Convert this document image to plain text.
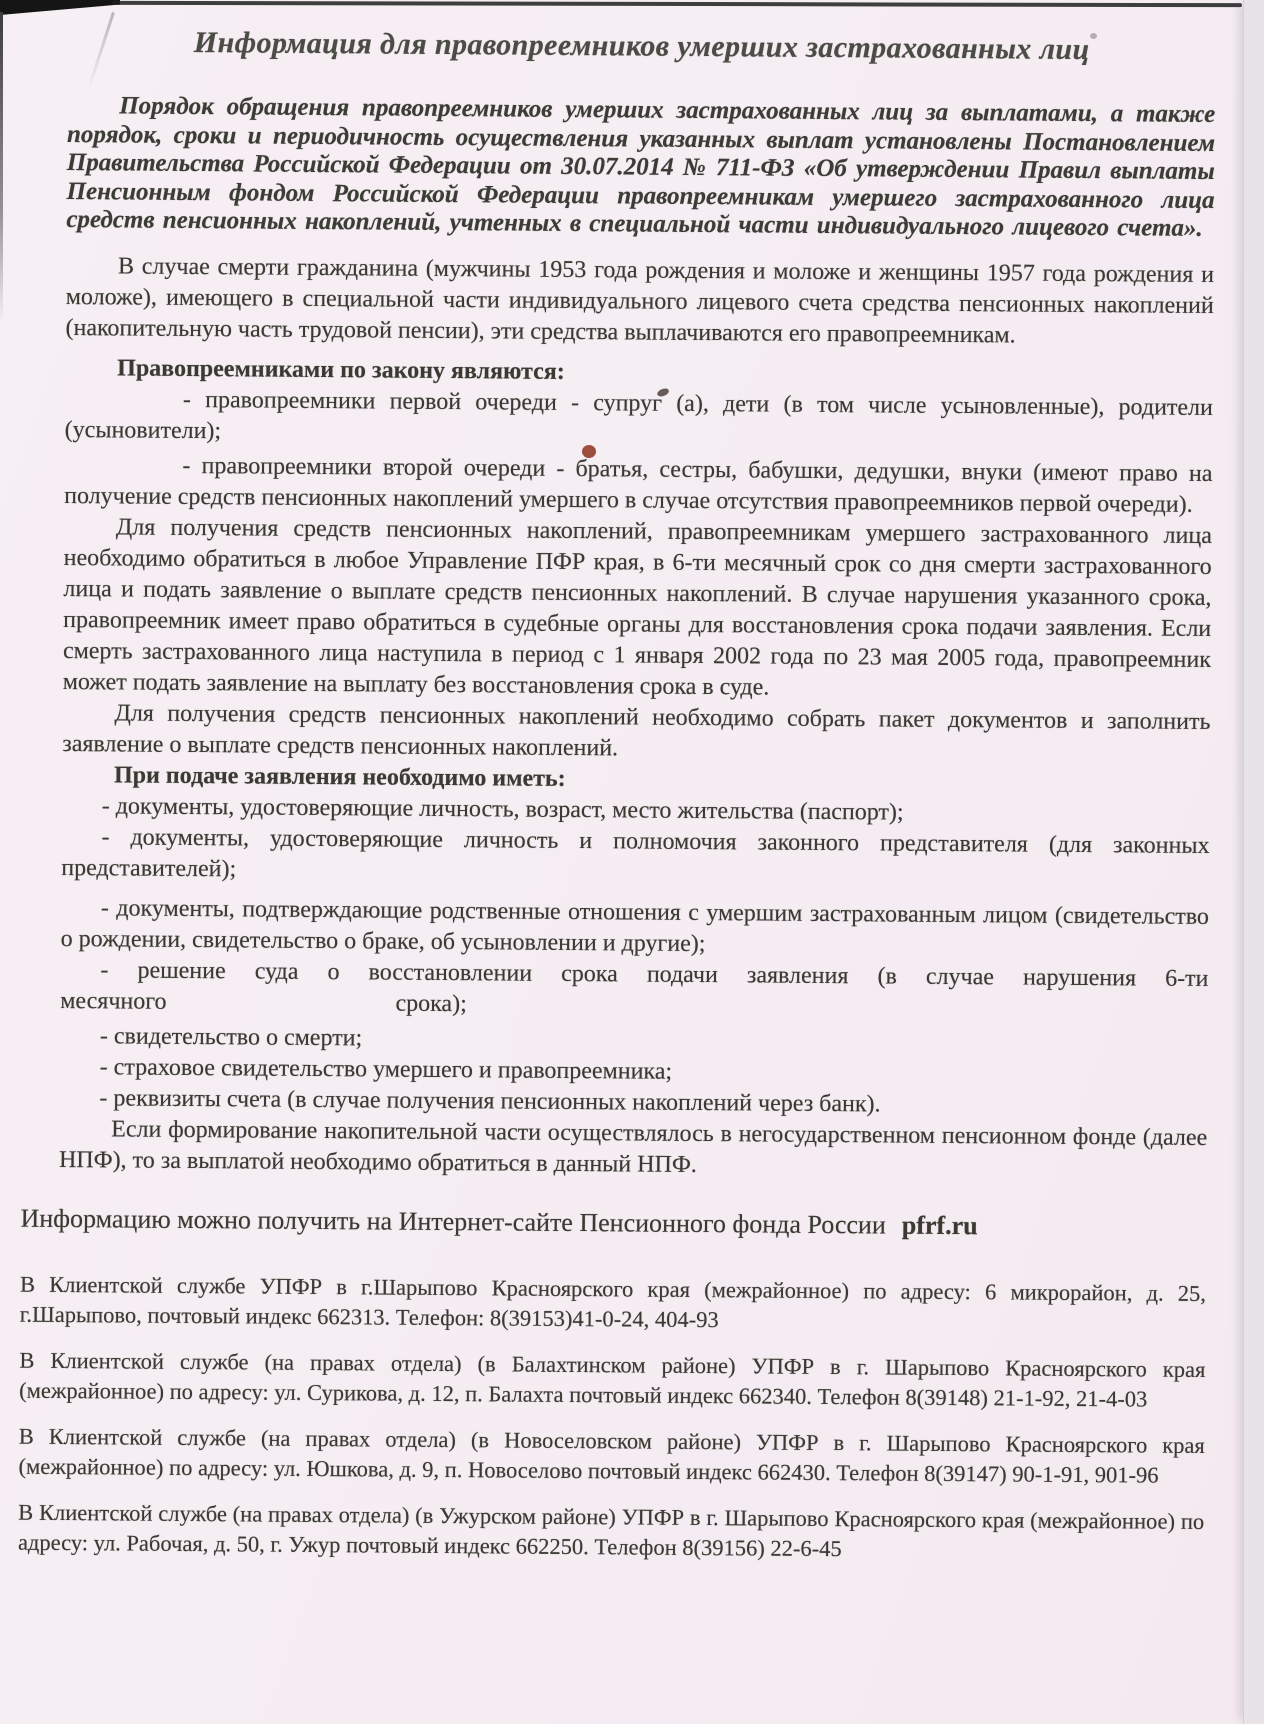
Информация для правопреемников умерших застрахованных лиц

Порядок обращения правопреемников умерших застрахованных лиц за выплатами, а также порядок, сроки и периодичность осуществления указанных выплат установлены Постановлением Правительства Российской Федерации от 30.07.2014 № 711-ФЗ «Об утверждении Правил выплаты Пенсионным фондом Российской Федерации правопреемникам умершего застрахованного лица средств пенсионных накоплений, учтенных в специальной части индивидуального лицевого счета».

В случае смерти гражданина (мужчины 1953 года рождения и моложе и женщины 1957 года рождения и моложе), имеющего в специальной части индивидуального лицевого счета средства пенсионных накоплений (накопительную часть трудовой пенсии), эти средства выплачиваются его правопреемникам.

Правопреемниками по закону являются:

- правопреемники первой очереди - супруг (а), дети (в том числе усыновленные), родители (усыновители);

- правопреемники второй очереди - братья, сестры, бабушки, дедушки, внуки (имеют право на получение средств пенсионных накоплений умершего в случае отсутствия правопреемников первой очереди).

Для получения средств пенсионных накоплений, правопреемникам умершего застрахованного лица необходимо обратиться в любое Управление ПФР края, в 6-ти месячный срок со дня смерти застрахованного лица и подать заявление о выплате средств пенсионных накоплений. В случае нарушения указанного срока, правопреемник имеет право обратиться в судебные органы для восстановления срока подачи заявления. Если смерть застрахованного лица наступила в период с 1 января 2002 года по 23 мая 2005 года, правопреемник может подать заявление на выплату без восстановления срока в суде.

Для получения средств пенсионных накоплений необходимо собрать пакет документов и заполнить заявление о выплате средств пенсионных накоплений.

При подаче заявления необходимо иметь:

- документы, удостоверяющие личность, возраст, место жительства (паспорт);

- документы, удостоверяющие личность и полномочия законного представителя (для законных представителей);

- документы, подтверждающие родственные отношения с умершим застрахованным лицом (свидетельство о рождении, свидетельство о браке, об усыновлении и другие);

- решение суда о восстановлении срока подачи заявления (в случае нарушения 6-ти

месячного	срока);

- свидетельство о смерти;

- страховое свидетельство умершего и правопреемника;

- реквизиты счета (в случае получения пенсионных накоплений через банк).

Если формирование накопительной части осуществлялось в негосударственном пенсионном фонде (далее НПФ), то за выплатой необходимо обратиться в данный НПФ.

Информацию можно получить на Интернет-сайте Пенсионного фонда России pfrf.ru

В Клиентской службе УПФР в г.Шарыпово Красноярского края (межрайонное) по адресу: 6 микрорайон, д. 25, г.Шарыпово, почтовый индекс 662313. Телефон: 8(39153)41-0-24, 404-93

В Клиентской службе (на правах отдела) (в Балахтинском районе) УПФР в г. Шарыпово Красноярского края (межрайонное) по адресу: ул. Сурикова, д. 12, п. Балахта почтовый индекс 662340. Телефон 8(39148) 21-1-92, 21-4-03

В Клиентской службе (на правах отдела) (в Новоселовском районе) УПФР в г. Шарыпово Красноярского края (межрайонное) по адресу: ул. Юшкова, д. 9, п. Новоселово почтовый индекс 662430. Телефон 8(39147) 90-1-91, 901-96

В Клиентской службе (на правах отдела) (в Ужурском районе) УПФР в г. Шарыпово Красноярского края (межрайонное) по адресу: ул. Рабочая, д. 50, г. Ужур почтовый индекс 662250. Телефон 8(39156) 22-6-45
